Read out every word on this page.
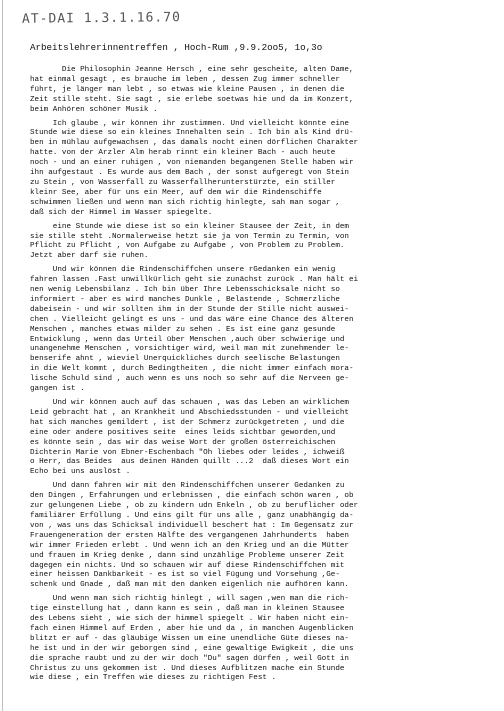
AT-DAI 1.3.1.16.70
Arbeitslehrerinnentreffen , Hoch-Rum ,9.9.2oo5, 1o,3o
Die Philosophin Jeanne Hersch , eine sehr gescheite, alten Dame,
hat einmal gesagt , es brauche im leben , dessen Zug immer schneller
führt, je länger man lebt , so etwas wie kleine Pausen , in denen die
Zeit stille steht. Sie sagt , sie erlebe soetwas hie und da im Konzert,
beim Anhören schöner Musik .
Ich glaube , wir können ihr zustimmen. Und vielleicht könnte eine
Stunde wie diese so ein kleines Innehalten sein . Ich bin als Kind drü-
ben in mühlau aufgewachsen , das damals nocht einen dörflichen Charakter
hatte. von der Arzler Alm herab rinnt ein kleiner Bach - auch heute
noch - und an einer ruhigen , von niemanden begangenen Stelle haben wir
ihn aufgestaut . Es wurde aus dem Bach , der sonst aufgeregt von Stein
zu Stein , von Wasserfall zu Wasserfallherunterstürzte, ein stiller
kleinr See, aber für uns ein Meer, auf dem wir die Rindenschiffe
schwimmen ließen und wenn man sich richtig hinlegte, sah man sogar ,
daß sich der Himmel im Wasser spiegelte.
eine Stunde wie diese ist so ein kleiner Stausee der Zeit, in dem
sie stille steht .Normalerweise hetzt sie ja von Termin zu Termin, von
Pflicht zu Pflicht , von Aufgabe zu Aufgabe , von Problem zu Problem.
Jetzt aber darf sie ruhen.
Und wir können die Rindenschiffchen unsere rGedanken ein wenig
fahren lassen .Fast unwillkürlich geht sie zunächst zurück . Man hält ei
nen wenig Lebensbilanz . Ich bin über Ihre Lebensschicksale nicht so
informiert - aber es wird manches Dunkle , Belastende , Schmerzliche
dabeisein - und wir sollten ihm in der Stunde der Stille nicht auswei-
chen . Vielleicht gelingt es uns - und das wäre eine Chance des älteren
Menschen , manches etwas milder zu sehen . Es ist eine ganz gesunde
Entwicklung , wenn das Urteil über Menschen ,auch über schwierige und
unangenehme Menschen , vorsichtiger wird, weil man mit zunehmender le-
benserife ahnt , wieviel Unerquickliches durch seelische Belastungen
in die Welt kommt , durch Bedingtheiten , die nicht immer einfach mora-
lische Schuld sind , auch wenn es uns noch so sehr auf die Nerveen ge-
gangen ist .
Und wir können auch auf das schauen , was das Leben an wirklichem
Leid gebracht hat , an Krankheit und Abschiedsstunden - und vielleicht
hat sich manches gemildert , ist der Schmerz zurückgetreten , und die
eine oder andere positives seite  eines leids sichtbar geworden,und
es könnte sein , das wir das weise Wort der großen österreichischen
Dichterin Marie von Ebner-Eschenbach "Oh liebes oder leides , ichweiß
o Herr, das Beides  aus deinen Händen quillt ...2  daß dieses Wort ein
Echo bei uns auslöst .
Und dann fahren wir mit den Rindenschiffchen unserer Gedanken zu
den Dingen , Erfahrungen und erlebnissen , die einfach schön waren , ob
zur gelungenen Liebe , ob zu kindern udn Enkeln , ob zu beruflicher oder
familiärer Erfüllung . Und eins gilt für uns alle , ganz unabhängig da-
von , was uns das Schicksal individuell beschert hat : Im Gegensatz zur
Frauengeneration der ersten Hälfte des vergangenen Jahrhunderts  haben
wir immer Frieden erlebt . Und wenn ich an den Krieg und an die Mütter
und frauen im Krieg denke , dann sind unzählige Probleme unserer Zeit
dagegen ein nichts. Und so schauen wir auf diese Rindenschiffchen mit
einer heissen Dankbarkeit - es ist so viel Fügung und Vorsehung ,Ge-
schenk und Gnade , daß man mit den danken eigenlich nie aufhören kann.
Und wenn man sich richtig hinlegt , will sagen ,wen man die rich-
tige einstellung hat , dann kann es sein , daß man in kleinen Stausee
des Lebens sieht , wie sich der himmel spiegelt . Wir haben nicht ein-
fach einen Himmel auf Erden , aber hie und da , in manchen Augenblicken
blitzt er auf - das gläubige Wissen um eine unendliche Güte dieses na-
he ist und in der wir geborgen sind , eine gewaltige Ewigkeit , die uns
die sprache raubt und zu der wir doch "Du" sagen dürfen , weil Gott in
Christus zu uns gekommen ist . Und dieses Aufblitzen mache ein Stunde
wie diese , ein Treffen wie dieses zu richtigen Fest .
